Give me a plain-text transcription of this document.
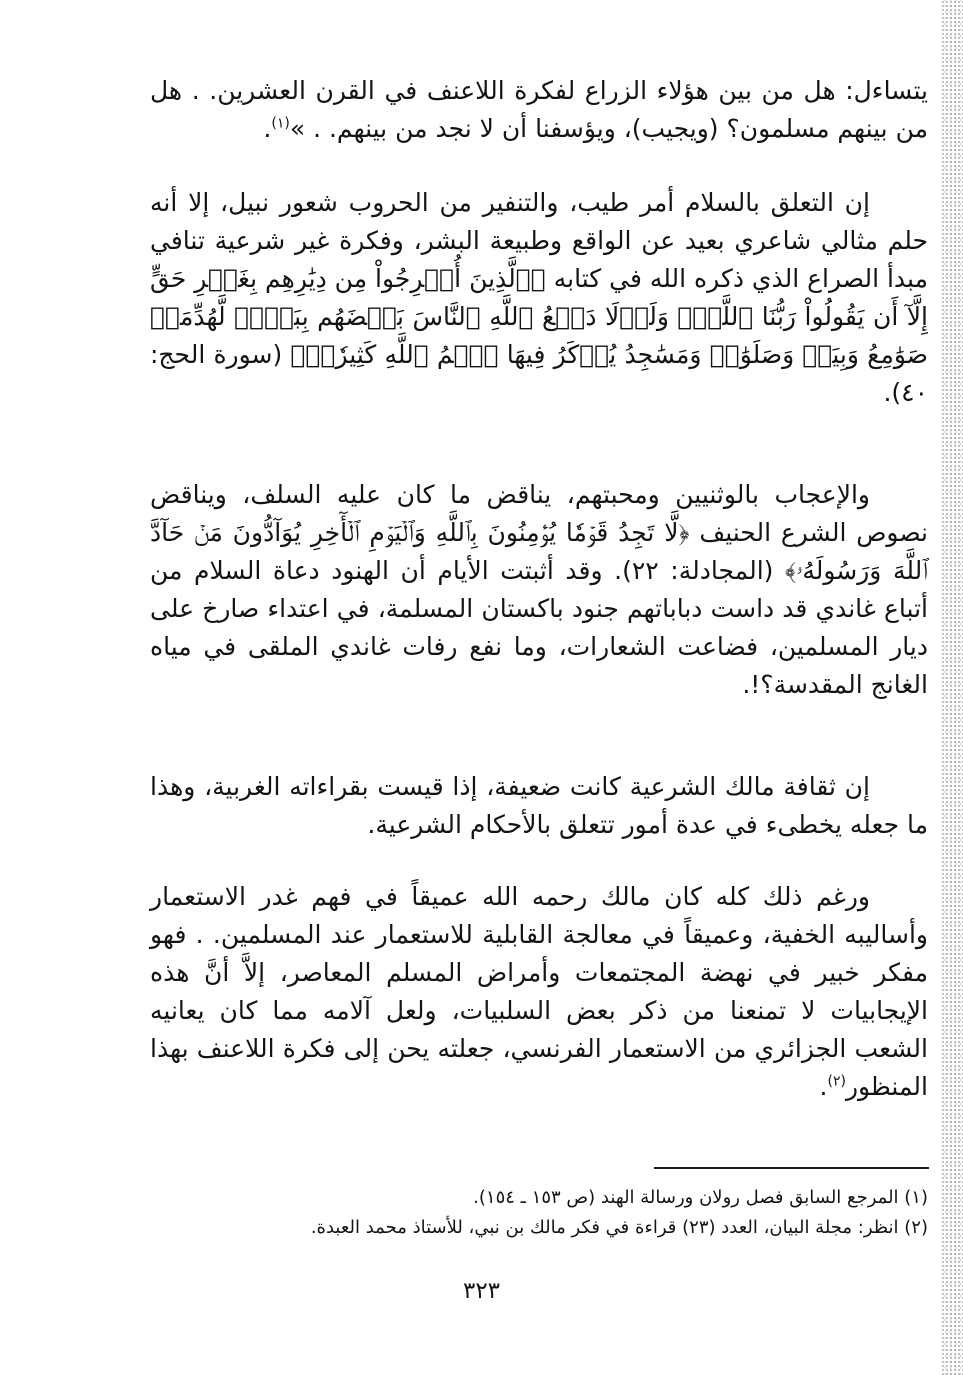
يتساءل: هل من بين هؤلاء الزراع لفكرة اللاعنف في القرن العشرين. . هل من بينهم مسلمون؟ (ويجيب)، ويؤسفنا أن لا نجد من بينهم. . »$^{(١)}$.

إن التعلق بالسلام أمر طيب، والتنفير من الحروب شعور نبيل، إلا أنه حلم مثالي شاعري بعيد عن الواقع وطبيعة البشر، وفكرة غير شرعية تنافي مبدأ الصراع الذي ذكره الله في كتابه ﴿ٱلَّذِينَ أُخۡرِجُواْ مِن دِيَٰرِهِم بِغَيۡرِ حَقٍّ إِلَّآ أَن يَقُولُواْ رَبُّنَا ٱللَّهُۗ وَلَوۡلَا دَفۡعُ ٱللَّهِ ٱلنَّاسَ بَعۡضَهُم بِبَعۡضٖ لَّهُدِّمَتۡ صَوَٰمِعُ وَبِيَعٞ وَصَلَوَٰتٞ وَمَسَٰجِدُ يُذۡكَرُ فِيهَا ٱسۡمُ ٱللَّهِ كَثِيرٗاۗ﴾ (سورة الحج: ٤٠).

والإعجاب بالوثنيين ومحبتهم، يناقض ما كان عليه السلف، ويناقض نصوص الشرع الحنيف ﴿لَّا تَجِدُ قَوۡمٗا يُؤۡمِنُونَ بِٱللَّهِ وَٱلۡيَوۡمِ ٱلۡأٓخِرِ يُوَآدُّونَ مَنۡ حَآدَّ ٱللَّهَ وَرَسُولَهُۥ﴾ (المجادلة: ٢٢). وقد أثبتت الأيام أن الهنود دعاة السلام من أتباع غاندي قد داست دباباتهم جنود باكستان المسلمة، في اعتداء صارخ على ديار المسلمين، فضاعت الشعارات، وما نفع رفات غاندي الملقى في مياه الغانج المقدسة؟!.

إن ثقافة مالك الشرعية كانت ضعيفة، إذا قيست بقراءاته الغربية، وهذا ما جعله يخطىء في عدة أمور تتعلق بالأحكام الشرعية.

ورغم ذلك كله كان مالك رحمه الله عميقاً في فهم غدر الاستعمار وأساليبه الخفية، وعميقاً في معالجة القابلية للاستعمار عند المسلمين. . فهو مفكر خبير في نهضة المجتمعات وأمراض المسلم المعاصر، إلاَّ أنَّ هذه الإيجابيات لا تمنعنا من ذكر بعض السلبيات، ولعل آلامه مما كان يعانيه الشعب الجزائري من الاستعمار الفرنسي، جعلته يحن إلى فكرة اللاعنف بهذا المنظور$^{(٢)}$.

(١) المرجع السابق فصل رولان ورسالة الهند (ص ١٥٣ ـ ١٥٤).

(٢) انظر: مجلة البيان، العدد (٢٣) قراءة في فكر مالك بن نبي، للأستاذ محمد العبدة.

٣٢٣
